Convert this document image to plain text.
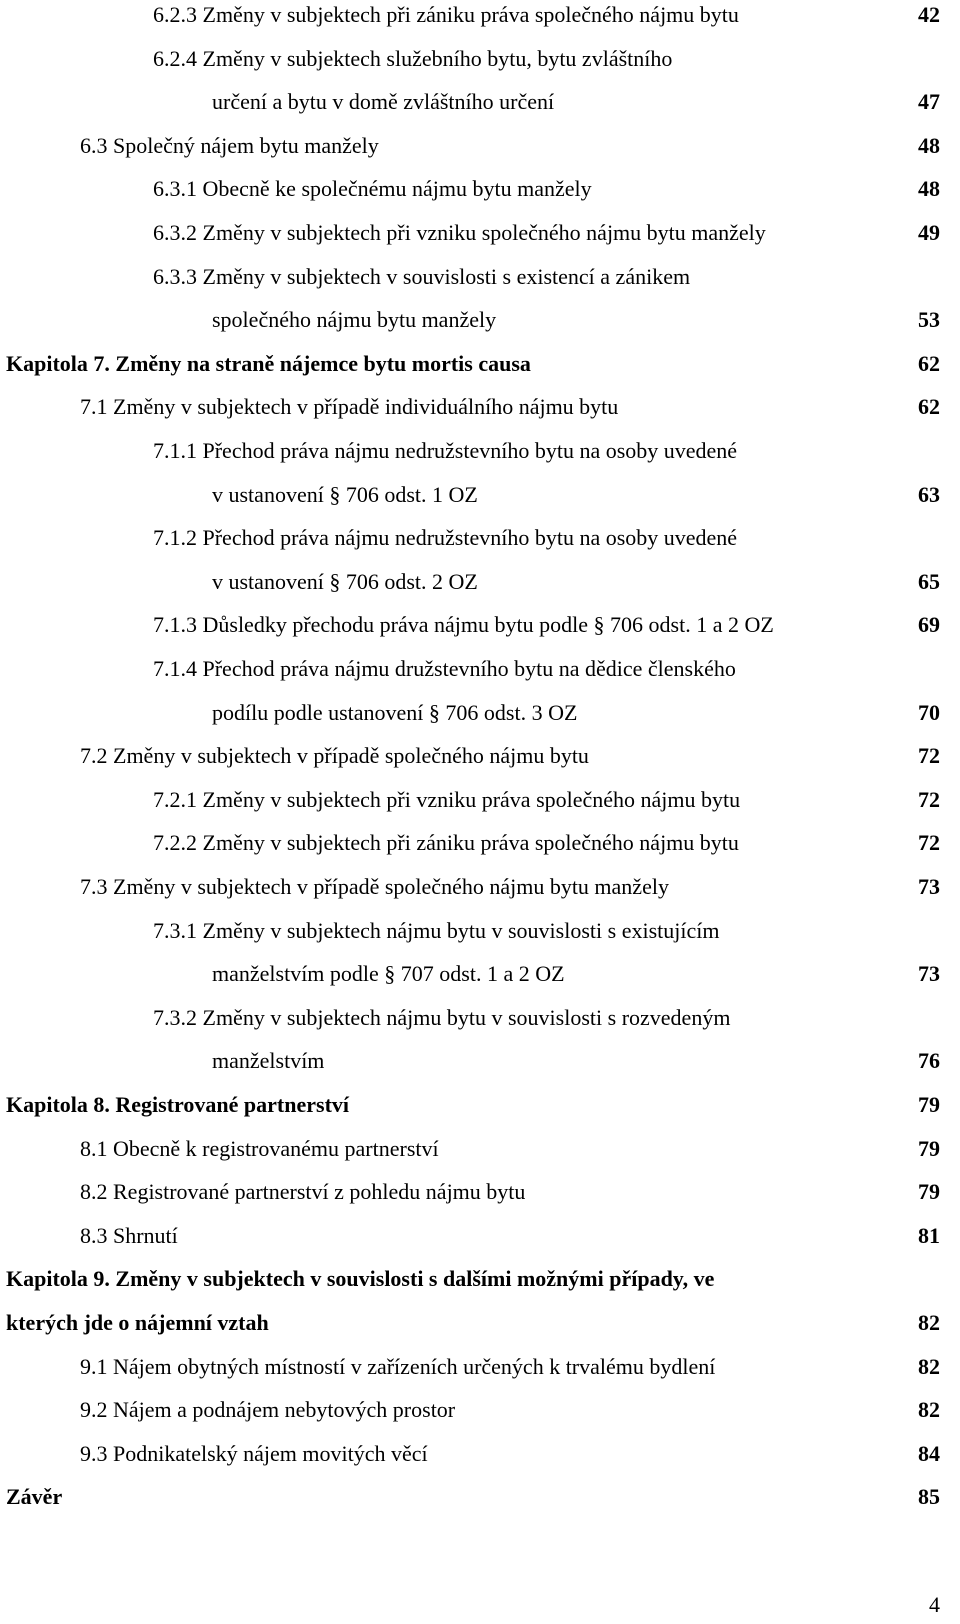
6.2.3 Změny v subjektech při zániku práva společného nájmu bytu	42
6.2.4 Změny v subjektech služebního bytu, bytu zvláštního
určení a bytu v domě zvláštního určení	47
6.3 Společný nájem bytu manžely	48
6.3.1 Obecně ke společnému nájmu bytu manžely	48
6.3.2 Změny v subjektech při vzniku společného nájmu bytu manžely	49
6.3.3 Změny v subjektech v souvislosti s existencí a zánikem
společného nájmu bytu manžely	53
Kapitola 7. Změny na straně nájemce bytu mortis causa	62
7.1 Změny v subjektech v případě individuálního nájmu bytu	62
7.1.1 Přechod práva nájmu nedružstevního bytu na osoby uvedené
v ustanovení § 706 odst. 1 OZ	63
7.1.2 Přechod práva nájmu nedružstevního bytu na osoby uvedené
v ustanovení § 706 odst. 2 OZ	65
7.1.3 Důsledky přechodu práva nájmu bytu podle § 706 odst. 1 a 2 OZ	69
7.1.4 Přechod práva nájmu družstevního bytu na dědice členského
podílu podle ustanovení § 706 odst. 3 OZ	70
7.2 Změny v subjektech v případě společného nájmu bytu	72
7.2.1 Změny v subjektech při vzniku práva společného nájmu bytu	72
7.2.2 Změny v subjektech při zániku práva společného nájmu bytu	72
7.3 Změny v subjektech v případě společného nájmu bytu manžely	73
7.3.1 Změny v subjektech nájmu bytu v souvislosti s existujícím
manželstvím podle § 707 odst. 1 a 2 OZ	73
7.3.2 Změny v subjektech nájmu bytu v souvislosti s rozvedeným
manželstvím	76
Kapitola 8. Registrované partnerství	79
8.1 Obecně k registrovanému partnerství	79
8.2 Registrované partnerství z pohledu nájmu bytu	79
8.3 Shrnutí	81
Kapitola 9. Změny v subjektech v souvislosti s dalšími možnými případy, ve
kterých jde o nájemní vztah	82
9.1 Nájem obytných místností v zařízeních určených k trvalému bydlení	82
9.2 Nájem a podnájem nebytových prostor	82
9.3 Podnikatelský nájem movitých věcí	84
Závěr	85
4
